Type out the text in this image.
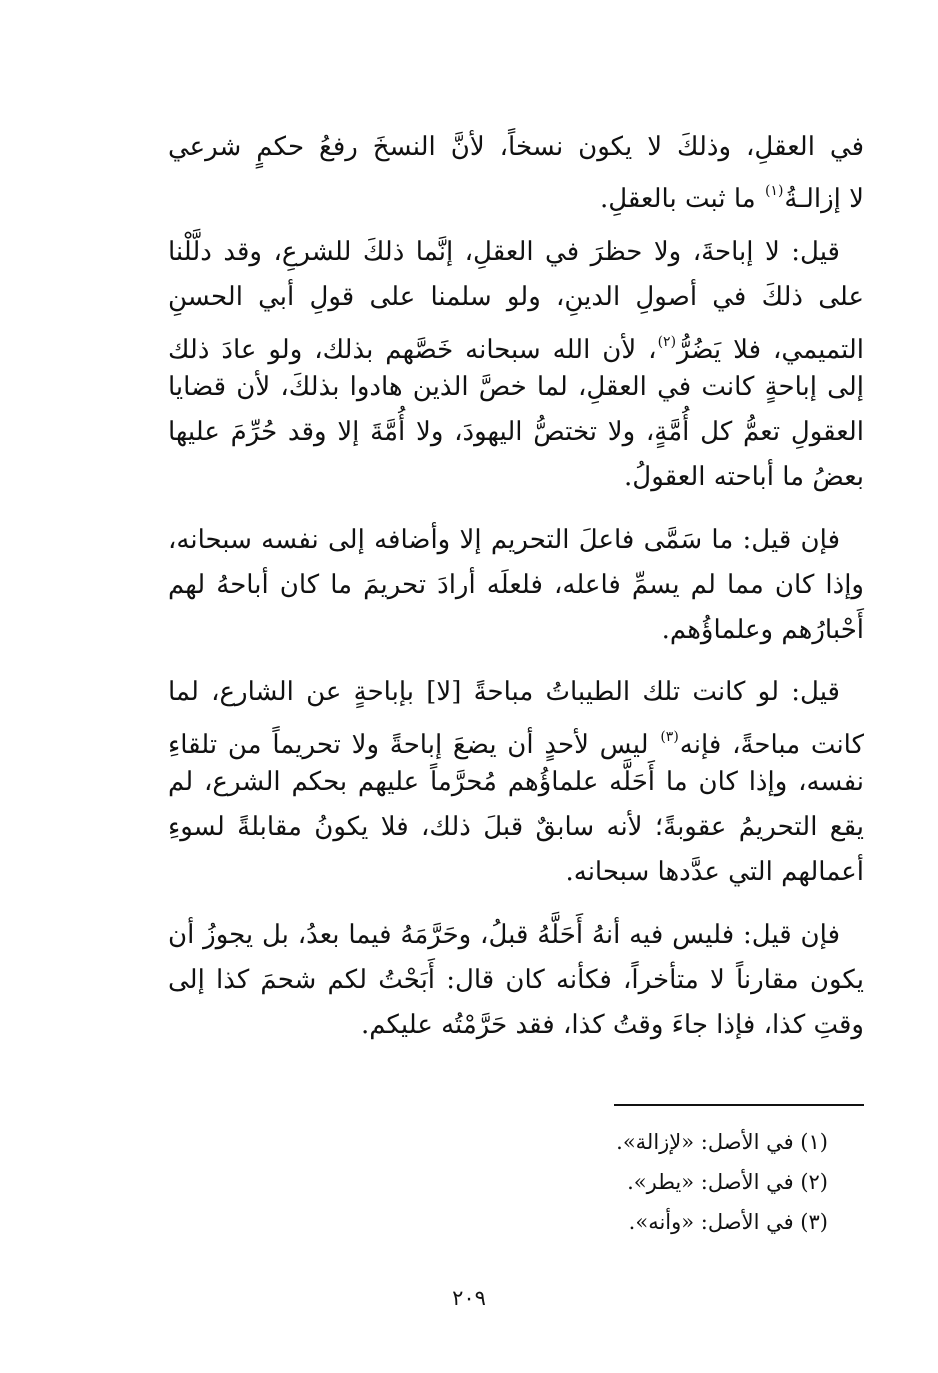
في العقلِ، وذلكَ لا يكون نسخاً، لأنَّ النسخَ رفعُ حكمٍ شرعي
لا إزالـةُ$^{(١)}$ ما ثبت بالعقلِ.
قيل: لا إباحةَ، ولا حظرَ في العقلِ، إنَّما ذلكَ للشرعِ، وقد دلَّلْنا
على ذلكَ في أصولِ الدينِ، ولو سلمنا على قولِ أبي الحسنِ
التميمي، فلا يَضُرُّ$^{(٢)}$، لأن الله سبحانه خَصَّهم بذلك، ولو عادَ ذلك
إلى إباحةٍ كانت في العقلِ، لما خصَّ الذين هادوا بذلكَ، لأن قضايا
العقولِ تعمُّ كل أُمَّةٍ، ولا تختصُّ اليهودَ، ولا أُمَّةَ إلا وقد حُرِّمَ عليها
بعضُ ما أباحته العقولُ.
فإن قيل: ما سَمَّى فاعلَ التحريم إلا وأضافه إلى نفسه سبحانه،
وإذا كان مما لم يسمِّ فاعله، فلعلَه أرادَ تحريمَ ما كان أباحهُ لهم
أَحْبارُهم وعلماؤُهم.
قيل: لو كانت تلك الطيباتُ مباحةً [لا] بإباحةٍ عن الشارع، لما
كانت مباحةً، فإنه$^{(٣)}$ ليس لأحدٍ أن يضعَ إباحةً ولا تحريماً من تلقاءِ
نفسه، وإذا كان ما أَحَلَّه علماؤُهم مُحرَّماً عليهم بحكم الشرع، لم
يقع التحريمُ عقوبةً؛ لأنه سابقٌ قبلَ ذلك، فلا يكونُ مقابلةً لسوءِ
أعمالهم التي عدَّدها سبحانه.
فإن قيل: فليس فيه أنهُ أَحَلَّهُ قبلُ، وحَرَّمَهُ فيما بعدُ، بل يجوزُ أن
يكون مقارناً لا متأخراً، فكأنه كان قال: أَبَحْتُ لكم شحمَ كذا إلى
وقتِ كذا، فإذا جاءَ وقتُ كذا، فقد حَرَّمْتُه عليكم.
(١) في الأصل: «لإزالة».
(٢) في الأصل: «يطر».
(٣) في الأصل: «وأنه».
٢٠٩
